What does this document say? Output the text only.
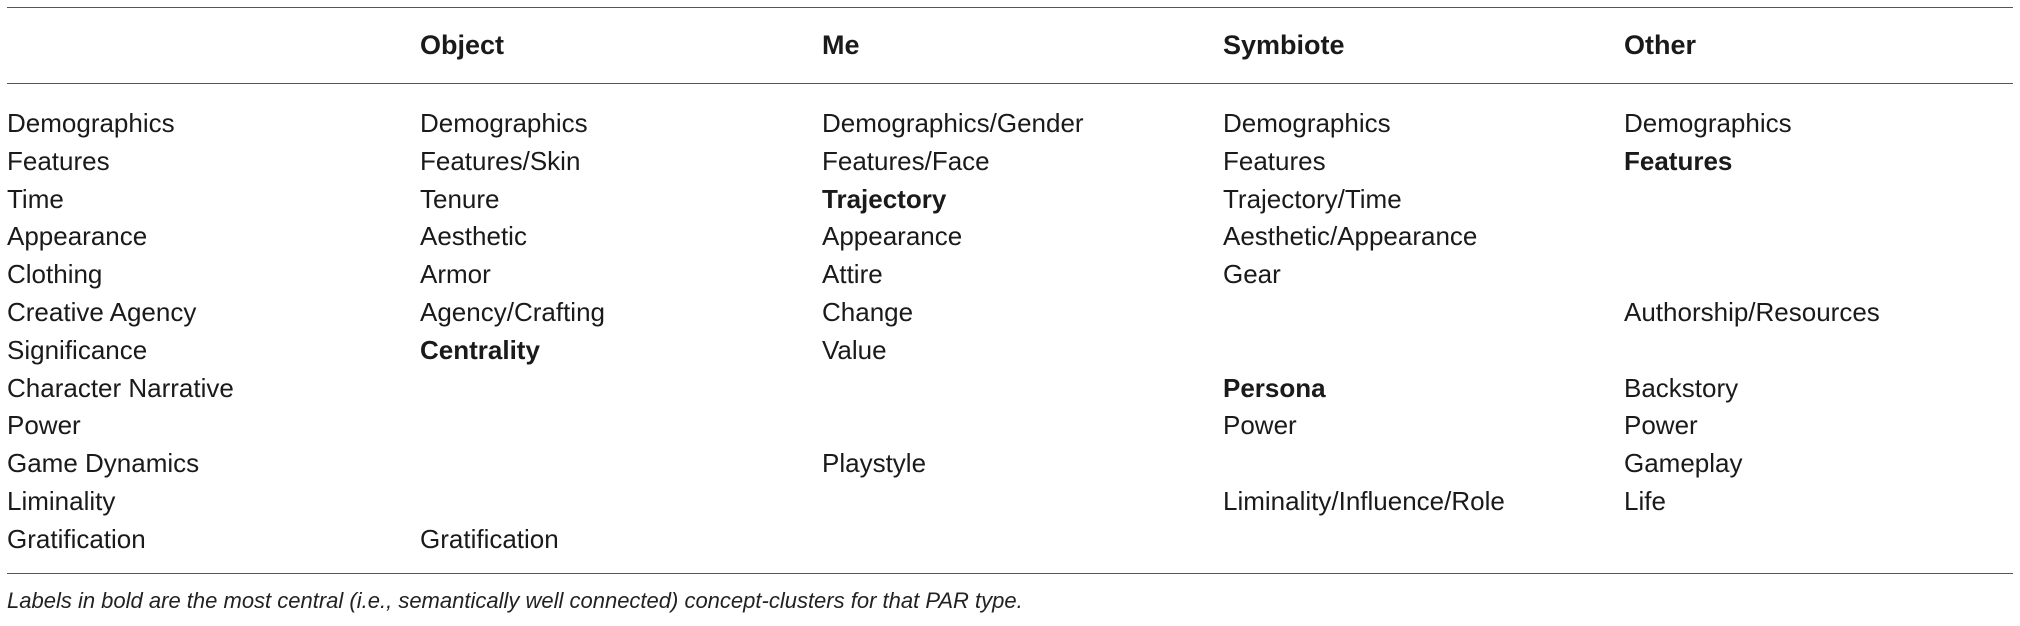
	Object	Me	Symbiote	Other

Demographics	Demographics	Demographics/Gender	Demographics	Demographics
Features	Features/Skin	Features/Face	Features	Features
Time	Tenure	Trajectory	Trajectory/Time	
Appearance	Aesthetic	Appearance	Aesthetic/Appearance	
Clothing	Armor	Attire	Gear	
Creative Agency	Agency/Crafting	Change		Authorship/Resources
Significance	Centrality	Value		
Character Narrative			Persona	Backstory
Power			Power	Power
Game Dynamics		Playstyle		Gameplay
Liminality			Liminality/Influence/Role	Life
Gratification	Gratification			
Labels in bold are the most central (i.e., semantically well connected) concept-clusters for that PAR type.
